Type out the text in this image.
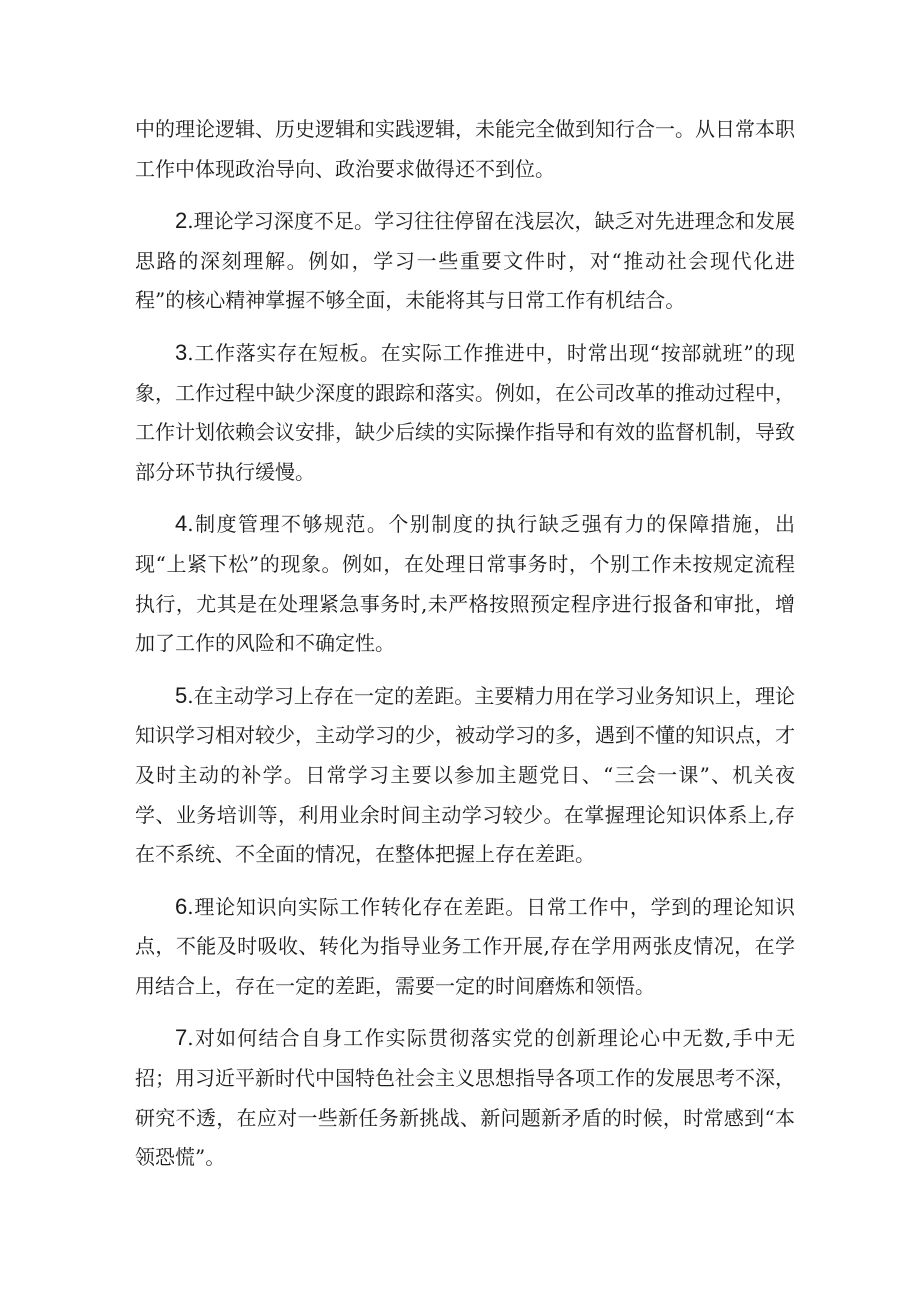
中的理论逻辑、历史逻辑和实践逻辑，未能完全做到知行合一。从日常本职工作中体现政治导向、政治要求做得还不到位。

2.理论学习深度不足。学习往往停留在浅层次，缺乏对先进理念和发展思路的深刻理解。例如，学习一些重要文件时，对“推动社会现代化进程”的核心精神掌握不够全面，未能将其与日常工作有机结合。

3.工作落实存在短板。在实际工作推进中，时常出现“按部就班”的现象，工作过程中缺少深度的跟踪和落实。例如，在公司改革的推动过程中，工作计划依赖会议安排，缺少后续的实际操作指导和有效的监督机制，导致部分环节执行缓慢。

4.制度管理不够规范。个别制度的执行缺乏强有力的保障措施，出现“上紧下松”的现象。例如，在处理日常事务时，个别工作未按规定流程执行，尤其是在处理紧急事务时,未严格按照预定程序进行报备和审批，增加了工作的风险和不确定性。

5.在主动学习上存在一定的差距。主要精力用在学习业务知识上，理论知识学习相对较少，主动学习的少，被动学习的多，遇到不懂的知识点，才及时主动的补学。日常学习主要以参加主题党日、“三会一课”、机关夜学、业务培训等，利用业余时间主动学习较少。在掌握理论知识体系上,存在不系统、不全面的情况，在整体把握上存在差距。

6.理论知识向实际工作转化存在差距。日常工作中，学到的理论知识点，不能及时吸收、转化为指导业务工作开展,存在学用两张皮情况，在学用结合上，存在一定的差距，需要一定的时间磨炼和领悟。

7.对如何结合自身工作实际贯彻落实党的创新理论心中无数,手中无招；用习近平新时代中国特色社会主义思想指导各项工作的发展思考不深，研究不透，在应对一些新任务新挑战、新问题新矛盾的时候，时常感到“本领恐慌”。
